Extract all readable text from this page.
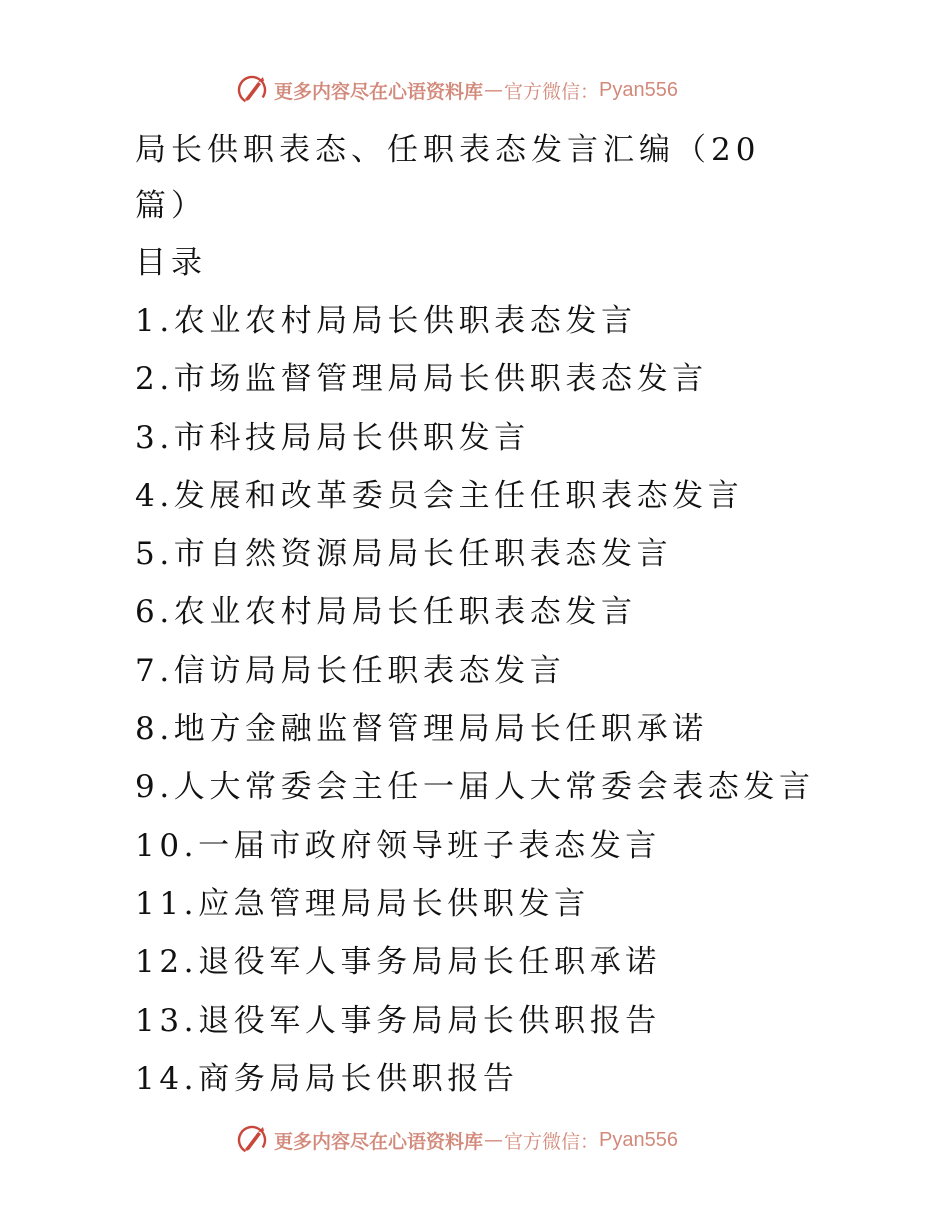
更多内容尽在心语资料库 — 官方微信： Pyan556
局长供职表态、任职表态发言汇编（20
篇）
目录
1.农业农村局局长供职表态发言
2.市场监督管理局局长供职表态发言
3.市科技局局长供职发言
4.发展和改革委员会主任任职表态发言
5.市自然资源局局长任职表态发言
6.农业农村局局长任职表态发言
7.信访局局长任职表态发言
8.地方金融监督管理局局长任职承诺
9.人大常委会主任一届人大常委会表态发言
10.一届市政府领导班子表态发言
11.应急管理局局长供职发言
12.退役军人事务局局长任职承诺
13.退役军人事务局局长供职报告
14.商务局局长供职报告
更多内容尽在心语资料库 — 官方微信： Pyan556
